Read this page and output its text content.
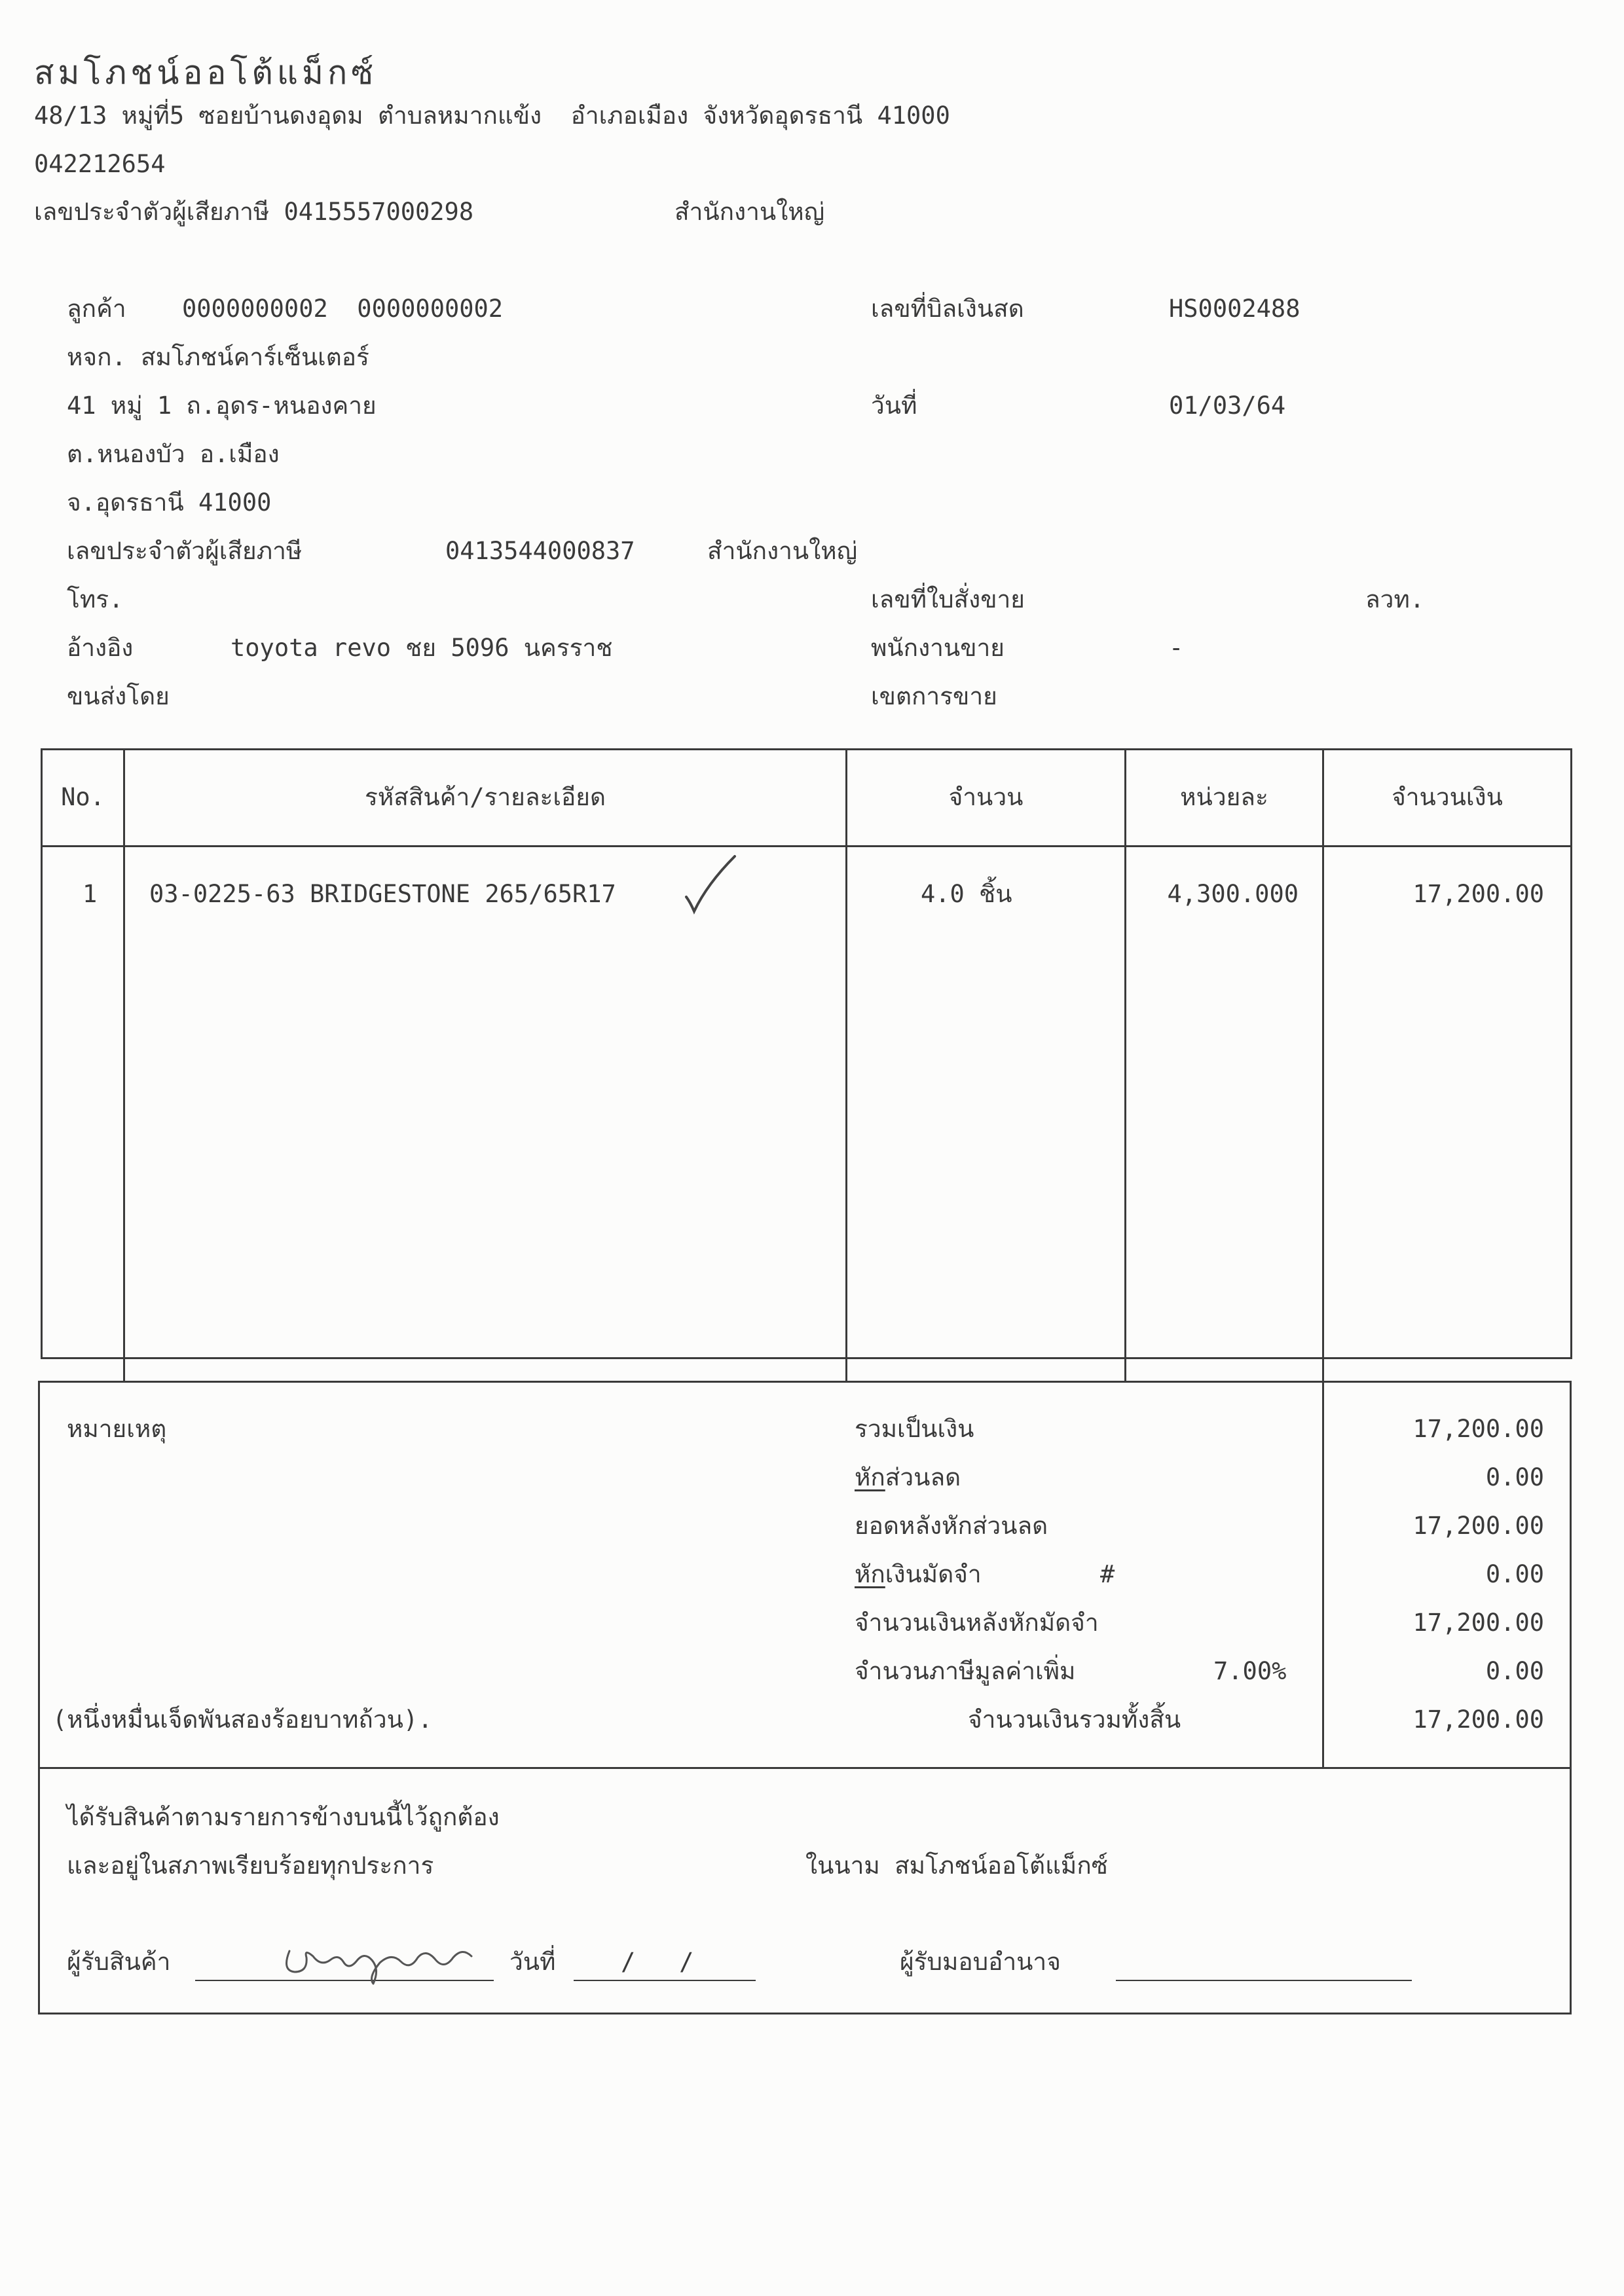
สมโภชน์ออโต้แม็กซ์
48/13 หมู่ที่5 ซอยบ้านดงอุดม ตำบลหมากแข้ง  อำเภอเมือง จังหวัดอุดรธานี 41000
042212654
เลขประจำตัวผู้เสียภาษี 0415557000298	สำนักงานใหญ่
ลูกค้า 0000000002  0000000002
หจก. สมโภชน์คาร์เซ็นเตอร์
41 หมู่ 1 ถ.อุดร-หนองคาย
ต.หนองบัว อ.เมือง
จ.อุดรธานี 41000
เลขประจำตัวผู้เสียภาษี	0413544000837	สำนักงานใหญ่
โทร.
อ้างอิง	toyota revo ชย 5096 นครราช
ขนส่งโดย
เลขที่บิลเงินสด	HS0002488
วันที่	01/03/64
เลขที่ใบสั่งขาย	ลวท.
พนักงานขาย	-
เขตการขาย
No.	รหัสสินค้า/รายละเอียด	จำนวน	หน่วยละ	จำนวนเงิน
1 03-0225-63 BRIDGESTONE 265/65R17	4.0 ชิ้น	4,300.000	17,200.00
หมายเหตุ	รวมเป็นเงิน	17,200.00
หักส่วนลด	0.00
ยอดหลังหักส่วนลด	17,200.00
หักเงินมัดจำ	#	0.00
จำนวนเงินหลังหักมัดจำ	17,200.00
จำนวนภาษีมูลค่าเพิ่ม	7.00%	0.00
(หนึ่งหมื่นเจ็ดพันสองร้อยบาทถ้วน).	จำนวนเงินรวมทั้งสิ้น	17,200.00
ได้รับสินค้าตามรายการข้างบนนี้ไว้ถูกต้อง
และอยู่ในสภาพเรียบร้อยทุกประการ	ในนาม สมโภชน์ออโต้แม็กซ์
ผู้รับสินค้า	วันที่	/   /	ผู้รับมอบอำนาจ
